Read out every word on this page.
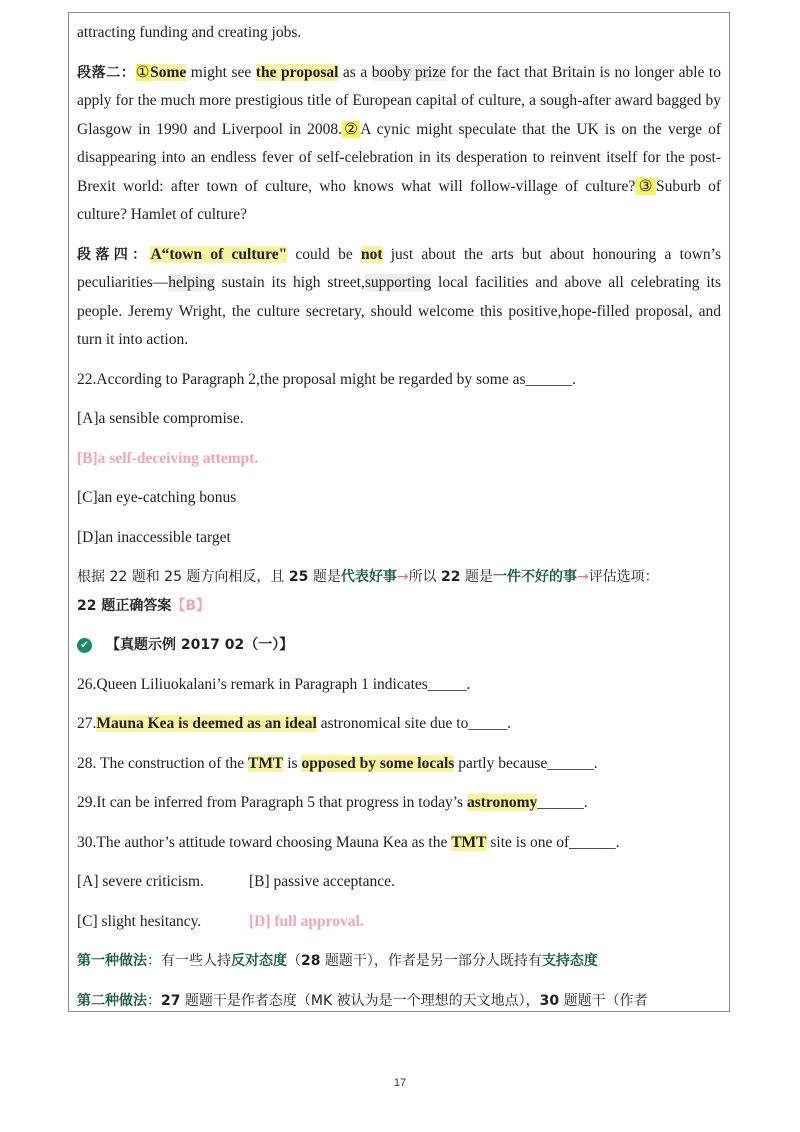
attracting funding and creating jobs.

段落二：①Some might see the proposal as a booby prize for the fact that Britain is no longer able to apply for the much more prestigious title of European capital of culture, a sough-after award bagged by Glasgow in 1990 and Liverpool in 2008.②A cynic might speculate that the UK is on the verge of disappearing into an endless fever of self-celebration in its desperation to reinvent itself for the post-Brexit world: after town of culture, who knows what will follow-village of culture?③Suburb of culture? Hamlet of culture?

段落四：A“town of culture" could be not just about the arts but about honouring a town’s peculiarities—helping sustain its high street,supporting local facilities and above all celebrating its people. Jeremy Wright, the culture secretary, should welcome this positive,hope-filled proposal, and turn it into action.

22.According to Paragraph 2,the proposal might be regarded by some as______.

[A]a sensible compromise.

[B]a self-deceiving attempt.

[C]an eye-catching bonus

[D]an inaccessible target

根据 22 题和 25 题方向相反，且 25 题是代表好事→所以 22 题是一件不好的事→评估选项：
22 题正确答案【B】

✔ 【真题示例 2017 02（一）】

26.Queen Liliuokalani’s remark in Paragraph 1 indicates_____.

27.Mauna Kea is deemed as an ideal astronomical site due to_____.

28. The construction of the TMT is opposed by some locals partly because______.

29.It can be inferred from Paragraph 5 that progress in today’s astronomy______.

30.The author’s attitude toward choosing Mauna Kea as the TMT site is one of______.

[A] severe criticism.	[B] passive acceptance.

[C] slight hesitancy.	[D] full approval.

第一种做法：有一些人持反对态度（28 题题干），作者是另一部分人既持有支持态度

第二种做法：27 题题干是作者态度（MK 被认为是一个理想的天文地点），30 题题干（作者

17
